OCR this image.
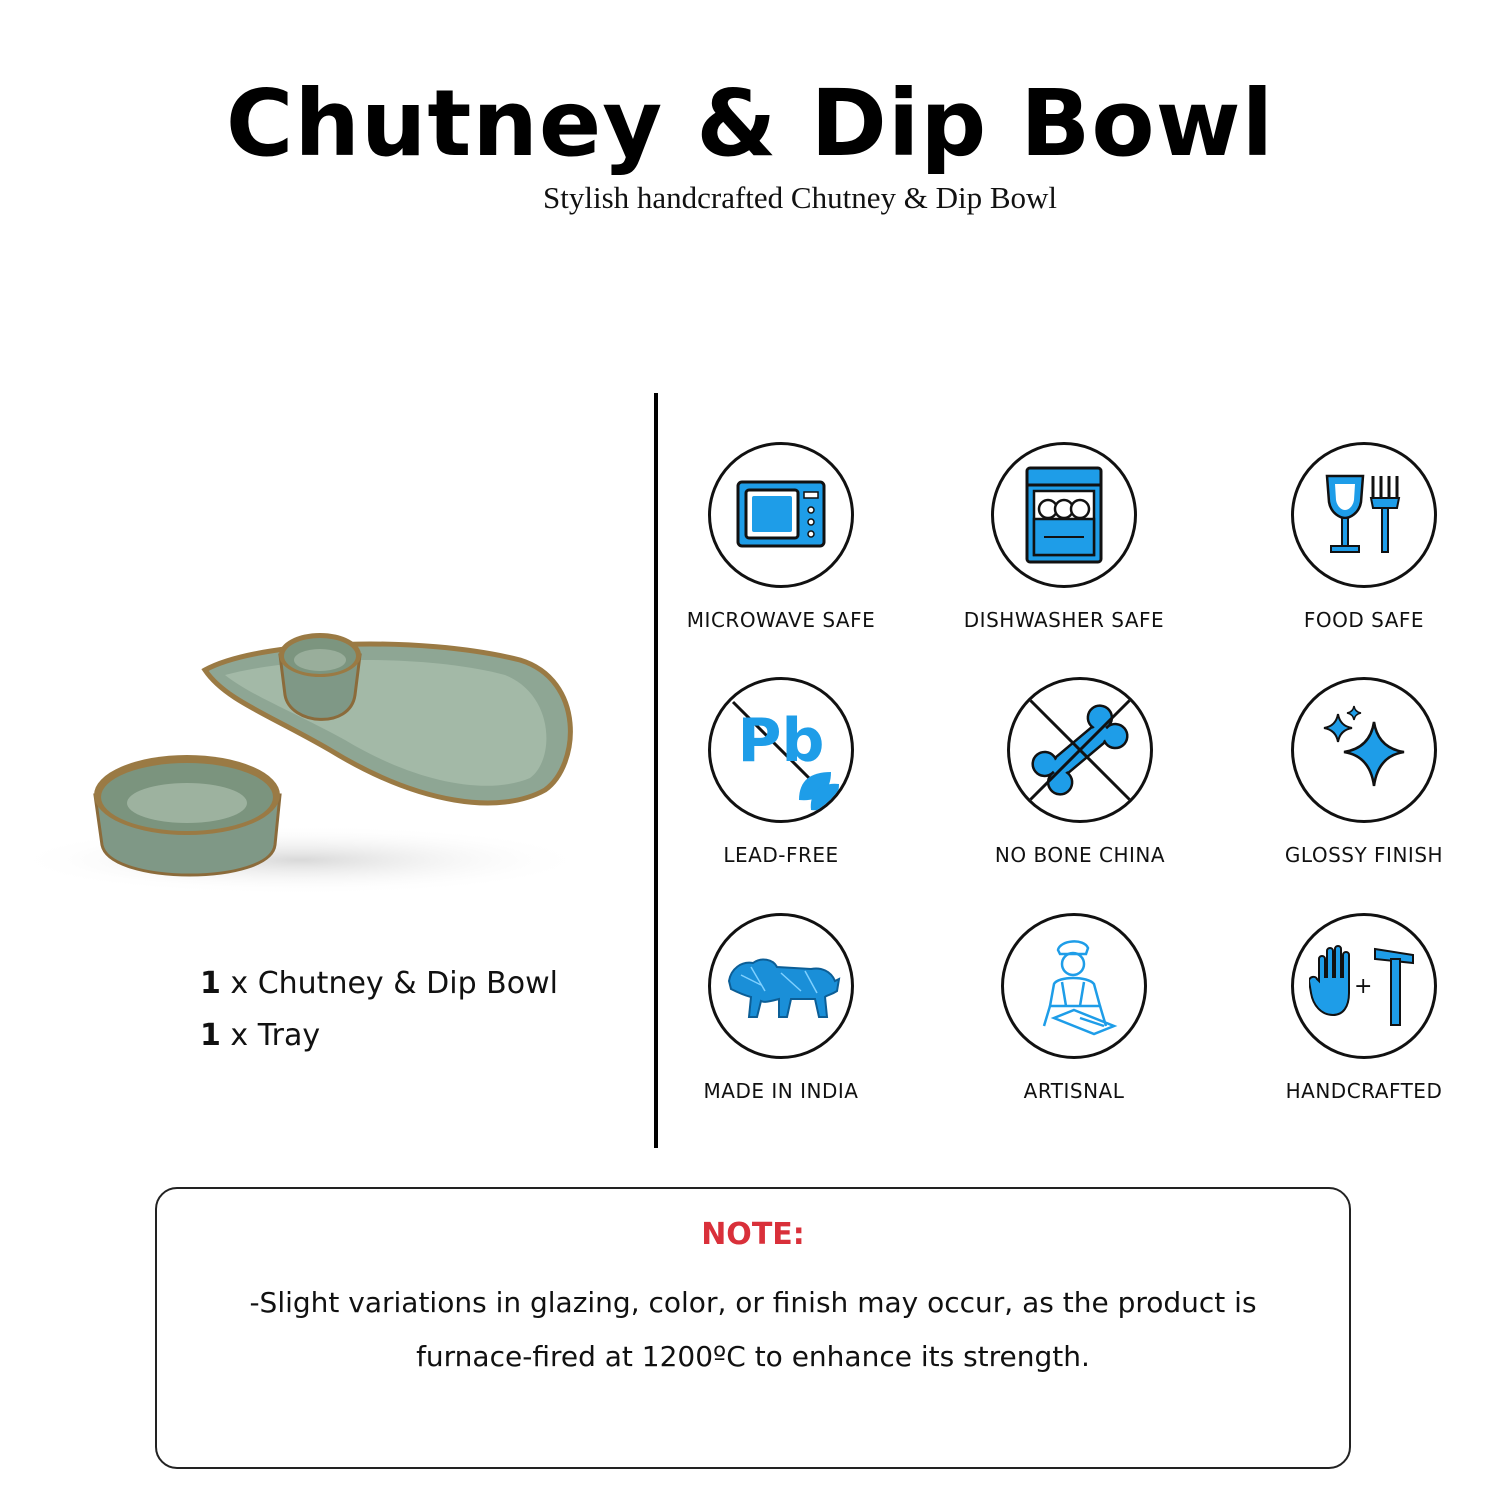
Chutney & Dip Bowl
Stylish handcrafted Chutney & Dip Bowl
1 x Chutney & Dip Bowl
1 x Tray
MICROWAVE SAFE	DISHWASHER SAFE	FOOD SAFE
Pb
LEAD-FREE	NO BONE CHINA	GLOSSY FINISH
MADE IN INDIA	ARTISNAL
+
HANDCRAFTED
NOTE:
-Slight variations in glazing, color, or finish may occur, as the product is
furnace-fired at 1200ºC to enhance its strength.
